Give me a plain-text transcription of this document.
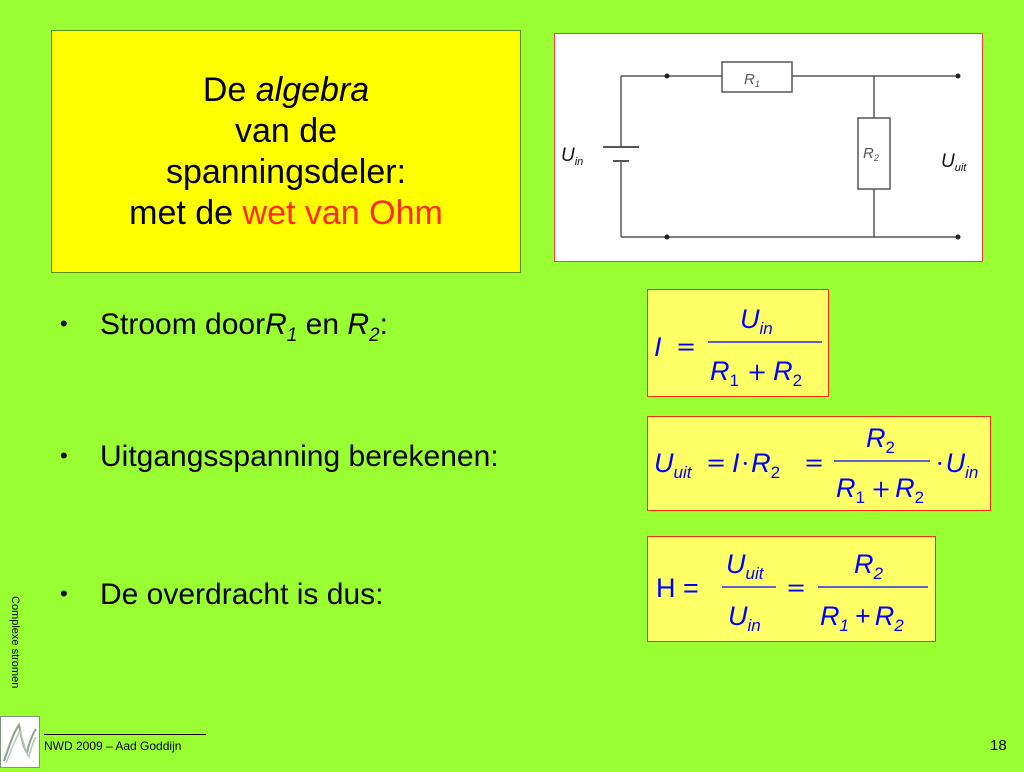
De algebra
van de
spanningsdeler:
met de wet van Ohm
$R_1$
$R_2$
$U_{in}$	$U_{uit}$
•	Stroom door $R_1$ en $R_2$ :
•	Uitgangsspanning berekenen:
•	De overdracht is dus:
I =
$U_{in}$
$R_1 + R_2$
$U_{uit} = I\cdot R_2$ =
$R_2$
$R_1 + R_2$
$\cdot U_{in}$
H =
$U_{uit}$
$U_{in}$
=
$R_2$
$R_1 + R_2$
Complexe stromen
NWD 2009 – Aad Goddijn	18
